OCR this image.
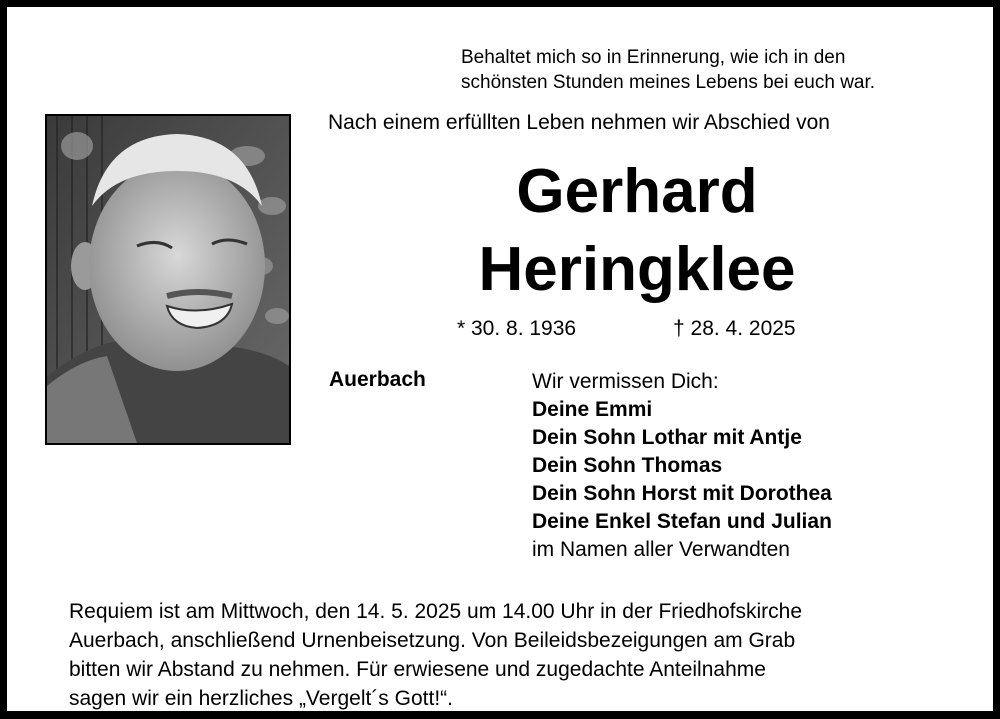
Behaltet mich so in Erinnerung, wie ich in den
schönsten Stunden meines Lebens bei euch war.
Nach einem erfüllten Leben nehmen wir Abschied von
Gerhard
Heringklee
* 30. 8. 1936	† 28. 4. 2025
Auerbach	Wir vermissen Dich:
Deine Emmi
Dein Sohn Lothar mit Antje
Dein Sohn Thomas
Dein Sohn Horst mit Dorothea
Deine Enkel Stefan und Julian
im Namen aller Verwandten
Requiem ist am Mittwoch, den 14. 5. 2025 um 14.00 Uhr in der Friedhofskirche
Auerbach, anschließend Urnenbeisetzung. Von Beileidsbezeigungen am Grab
bitten wir Abstand zu nehmen. Für erwiesene und zugedachte Anteilnahme
sagen wir ein herzliches „Vergelt´s Gott!“.
